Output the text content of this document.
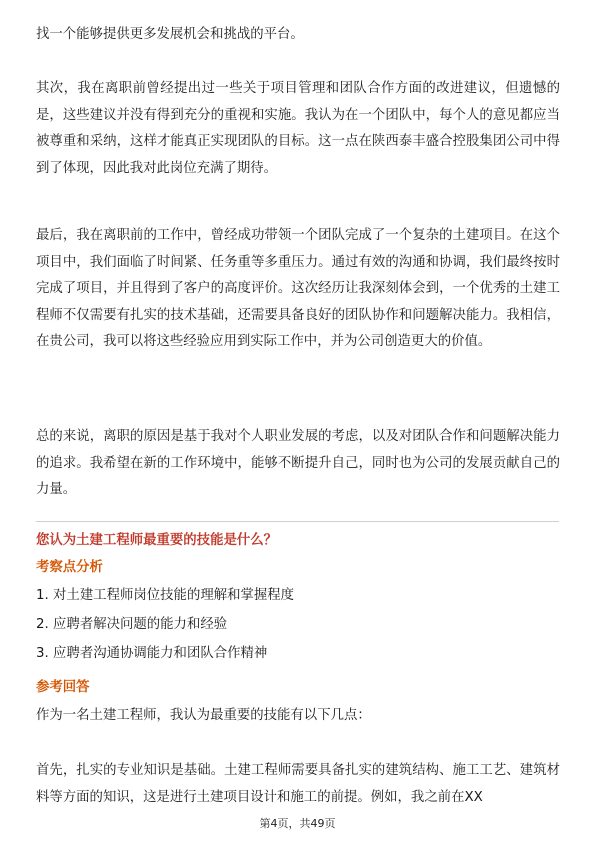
找一个能够提供更多发展机会和挑战的平台。

其次，我在离职前曾经提出过一些关于项目管理和团队合作方面的改进建议，但遗憾的是，这些建议并没有得到充分的重视和实施。我认为在一个团队中，每个人的意见都应当被尊重和采纳，这样才能真正实现团队的目标。这一点在陕西泰丰盛合控股集团公司中得到了体现，因此我对此岗位充满了期待。

最后，我在离职前的工作中，曾经成功带领一个团队完成了一个复杂的土建项目。在这个项目中，我们面临了时间紧、任务重等多重压力。通过有效的沟通和协调，我们最终按时完成了项目，并且得到了客户的高度评价。这次经历让我深刻体会到，一个优秀的土建工程师不仅需要有扎实的技术基础，还需要具备良好的团队协作和问题解决能力。我相信，在贵公司，我可以将这些经验应用到实际工作中，并为公司创造更大的价值。

总的来说，离职的原因是基于我对个人职业发展的考虑，以及对团队合作和问题解决能力的追求。我希望在新的工作环境中，能够不断提升自己，同时也为公司的发展贡献自己的力量。

您认为土建工程师最重要的技能是什么？

考察点分析

1. 对土建工程师岗位技能的理解和掌握程度

2. 应聘者解决问题的能力和经验

3. 应聘者沟通协调能力和团队合作精神

参考回答

作为一名土建工程师，我认为最重要的技能有以下几点：

首先，扎实的专业知识是基础。土建工程师需要具备扎实的建筑结构、施工工艺、建筑材料等方面的知识，这是进行土建项目设计和施工的前提。例如，我之前在XX

第4页，共49页
